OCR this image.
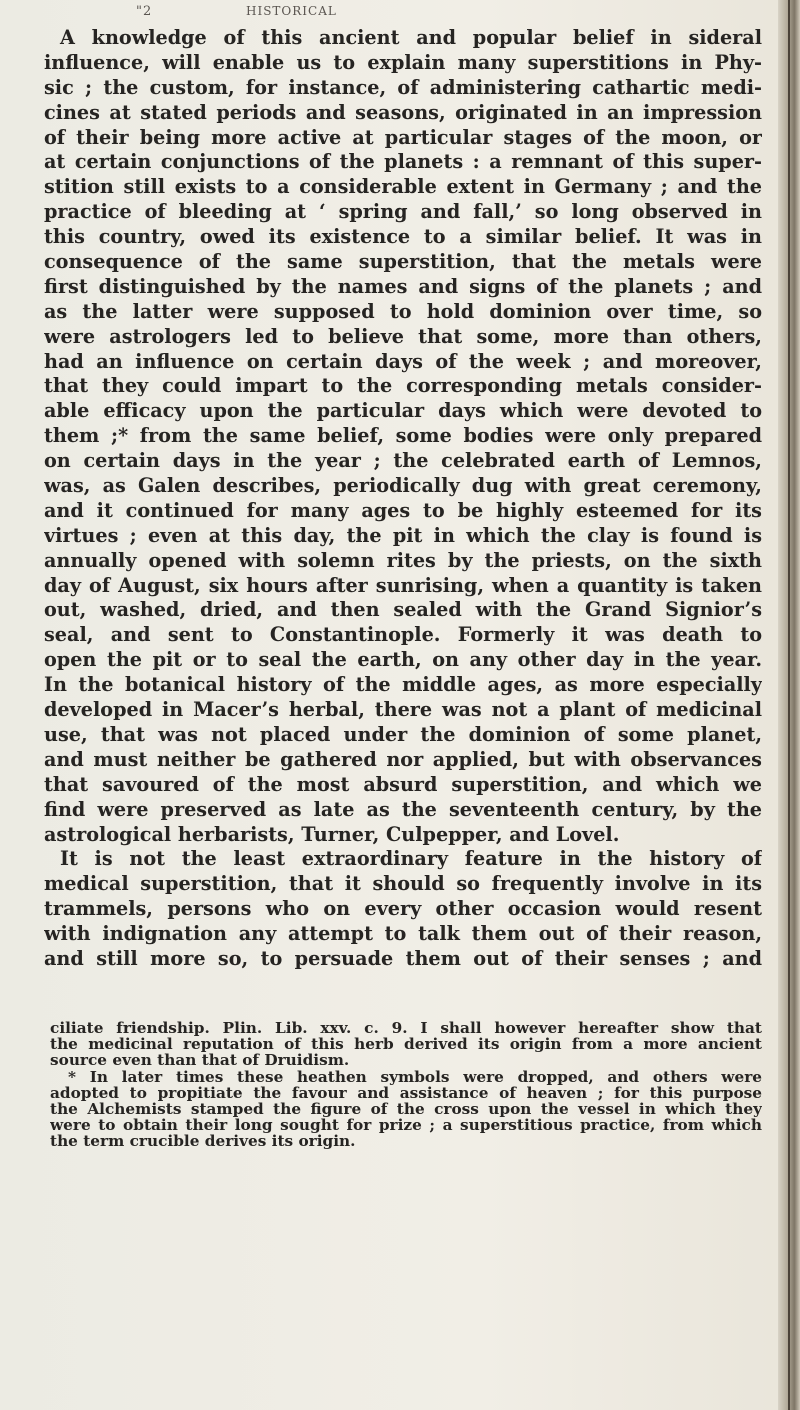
"2	HISTORICAL
A knowledge of this ancient and popular belief in sideral
influence, will enable us to explain many superstitions in Phy-
sic ; the custom, for instance, of administering cathartic medi-
cines at stated periods and seasons, originated in an impression
of their being more active at particular stages of the moon, or
at certain conjunctions of the planets : a remnant of this super-
stition still exists to a considerable extent in Germany ; and the
practice of bleeding at ‘ spring and fall,’ so long observed in
this country, owed its existence to a similar belief. It was in
consequence of the same superstition, that the metals were
first distinguished by the names and signs of the planets ; and
as the latter were supposed to hold dominion over time, so
were astrologers led to believe that some, more than others,
had an influence on certain days of the week ; and moreover,
that they could impart to the corresponding metals consider-
able efficacy upon the particular days which were devoted to
them ;* from the same belief, some bodies were only prepared
on certain days in the year ; the celebrated earth of Lemnos,
was, as Galen describes, periodically dug with great ceremony,
and it continued for many ages to be highly esteemed for its
virtues ; even at this day, the pit in which the clay is found is
annually opened with solemn rites by the priests, on the sixth
day of August, six hours after sunrising, when a quantity is taken
out, washed, dried, and then sealed with the Grand Signior’s
seal, and sent to Constantinople. Formerly it was death to
open the pit or to seal the earth, on any other day in the year.
In the botanical history of the middle ages, as more especially
developed in Macer’s herbal, there was not a plant of medicinal
use, that was not placed under the dominion of some planet,
and must neither be gathered nor applied, but with observances
that savoured of the most absurd superstition, and which we
find were preserved as late as the seventeenth century, by the
astrological herbarists, Turner, Culpepper, and Lovel.
It is not the least extraordinary feature in the history of
medical superstition, that it should so frequently involve in its
trammels, persons who on every other occasion would resent
with indignation any attempt to talk them out of their reason,
and still more so, to persuade them out of their senses ; and
ciliate friendship. Plin. Lib. xxv. c. 9. I shall however hereafter show that
the medicinal reputation of this herb derived its origin from a more ancient
source even than that of Druidism.
* In later times these heathen symbols were dropped, and others were
adopted to propitiate the favour and assistance of heaven ; for this purpose
the Alchemists stamped the figure of the cross upon the vessel in which they
were to obtain their long sought for prize ; a superstitious practice, from which
the term crucible derives its origin.
